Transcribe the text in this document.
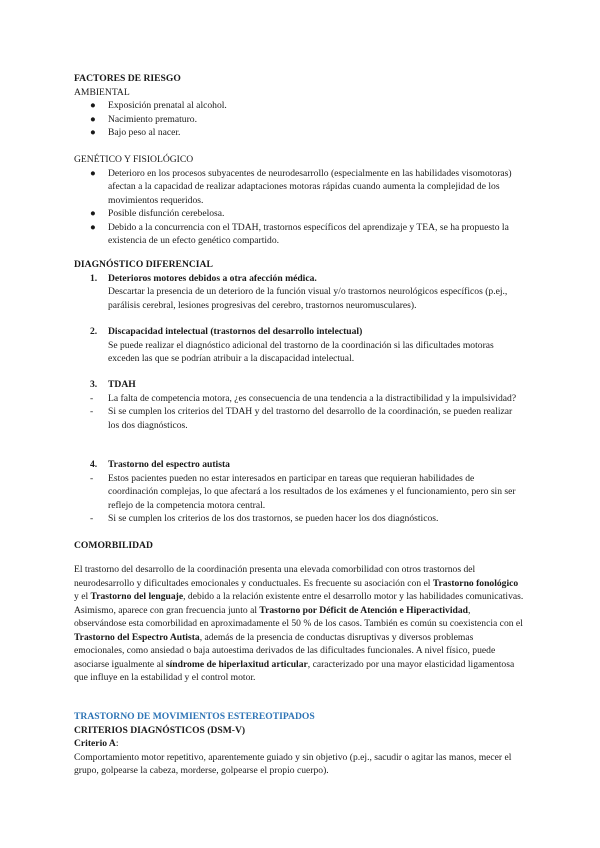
FACTORES DE RIESGO

AMBIENTAL

● Exposición prenatal al alcohol.
● Nacimiento prematuro.
● Bajo peso al nacer.

GENÉTICO Y FISIOLÓGICO

● Deterioro en los procesos subyacentes de neurodesarrollo (especialmente en las habilidades visomotoras) afectan a la capacidad de realizar adaptaciones motoras rápidas cuando aumenta la complejidad de los movimientos requeridos.
● Posible disfunción cerebelosa.
● Debido a la concurrencia con el TDAH, trastornos específicos del aprendizaje y TEA, se ha propuesto la existencia de un efecto genético compartido.

DIAGNÓSTICO DIFERENCIAL

1. Deterioros motores debidos a otra afección médica.
Descartar la presencia de un deterioro de la función visual y/o trastornos neurológicos específicos (p.ej., parálisis cerebral, lesiones progresivas del cerebro, trastornos neuromusculares).
2. Discapacidad intelectual (trastornos del desarrollo intelectual)
Se puede realizar el diagnóstico adicional del trastorno de la coordinación si las dificultades motoras exceden las que se podrían atribuir a la discapacidad intelectual.
3. TDAH
- La falta de competencia motora, ¿es consecuencia de una tendencia a la distractibilidad y la impulsividad?
- Si se cumplen los criterios del TDAH y del trastorno del desarrollo de la coordinación, se pueden realizar los dos diagnósticos.
4. Trastorno del espectro autista
- Estos pacientes pueden no estar interesados en participar en tareas que requieran habilidades de coordinación complejas, lo que afectará a los resultados de los exámenes y el funcionamiento, pero sin ser reflejo de la competencia motora central.
- Si se cumplen los criterios de los dos trastornos, se pueden hacer los dos diagnósticos.

COMORBILIDAD

El trastorno del desarrollo de la coordinación presenta una elevada comorbilidad con otros trastornos del neurodesarrollo y dificultades emocionales y conductuales. Es frecuente su asociación con el Trastorno fonológico y el Trastorno del lenguaje, debido a la relación existente entre el desarrollo motor y las habilidades comunicativas. Asimismo, aparece con gran frecuencia junto al Trastorno por Déficit de Atención e Hiperactividad, observándose esta comorbilidad en aproximadamente el 50 % de los casos. También es común su coexistencia con el Trastorno del Espectro Autista, además de la presencia de conductas disruptivas y diversos problemas emocionales, como ansiedad o baja autoestima derivados de las dificultades funcionales. A nivel físico, puede asociarse igualmente al síndrome de hiperlaxitud articular, caracterizado por una mayor elasticidad ligamentosa que influye en la estabilidad y el control motor.

TRASTORNO DE MOVIMIENTOS ESTEREOTIPADOS

CRITERIOS DIAGNÓSTICOS (DSM-V)

Criterio A:

Comportamiento motor repetitivo, aparentemente guiado y sin objetivo (p.ej., sacudir o agitar las manos, mecer el grupo, golpearse la cabeza, morderse, golpearse el propio cuerpo).
